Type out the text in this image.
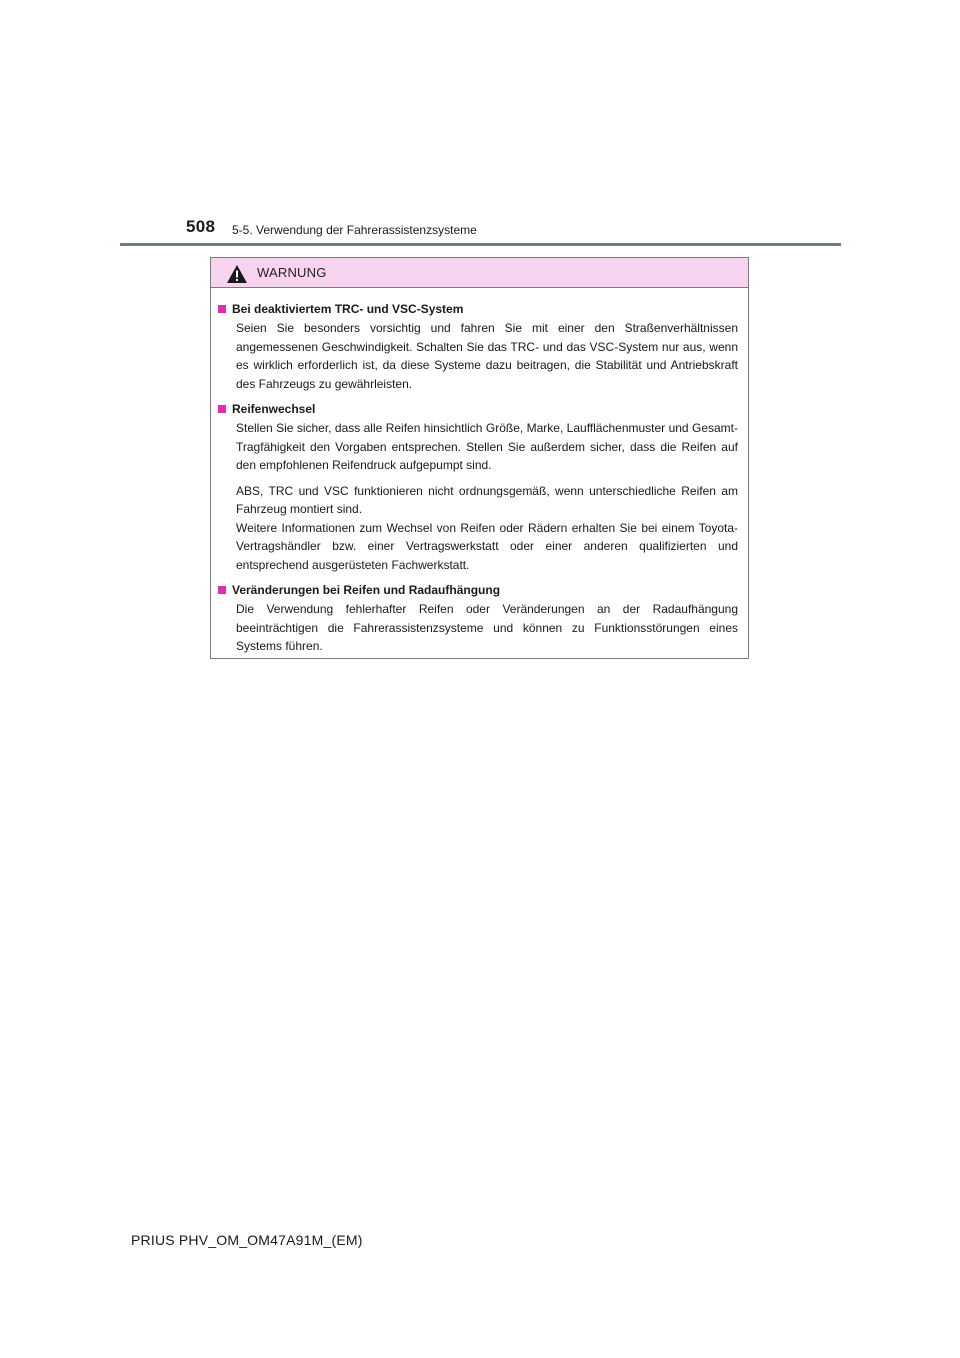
508 5-5. Verwendung der Fahrerassistenzsysteme
WARNUNG
Bei deaktiviertem TRC- und VSC-System
Seien Sie besonders vorsichtig und fahren Sie mit einer den Straßenverhältnissen angemessenen Geschwindigkeit. Schalten Sie das TRC- und das VSC-System nur aus, wenn es wirklich erforderlich ist, da diese Systeme dazu beitragen, die Stabilität und Antriebskraft des Fahrzeugs zu gewährleisten.
Reifenwechsel
Stellen Sie sicher, dass alle Reifen hinsichtlich Größe, Marke, Laufflächenmuster und Gesamt-Tragfähigkeit den Vorgaben entsprechen. Stellen Sie außerdem sicher, dass die Reifen auf den empfohlenen Reifendruck aufgepumpt sind.
ABS, TRC und VSC funktionieren nicht ordnungsgemäß, wenn unterschiedliche Reifen am Fahrzeug montiert sind.
Weitere Informationen zum Wechsel von Reifen oder Rädern erhalten Sie bei einem Toyota-Vertragshändler bzw. einer Vertragswerkstatt oder einer anderen qualifizierten und entsprechend ausgerüsteten Fachwerkstatt.
Veränderungen bei Reifen und Radaufhängung
Die Verwendung fehlerhafter Reifen oder Veränderungen an der Radaufhängung beeinträchtigen die Fahrerassistenzsysteme und können zu Funktionsstörungen eines Systems führen.
PRIUS PHV_OM_OM47A91M_(EM)
